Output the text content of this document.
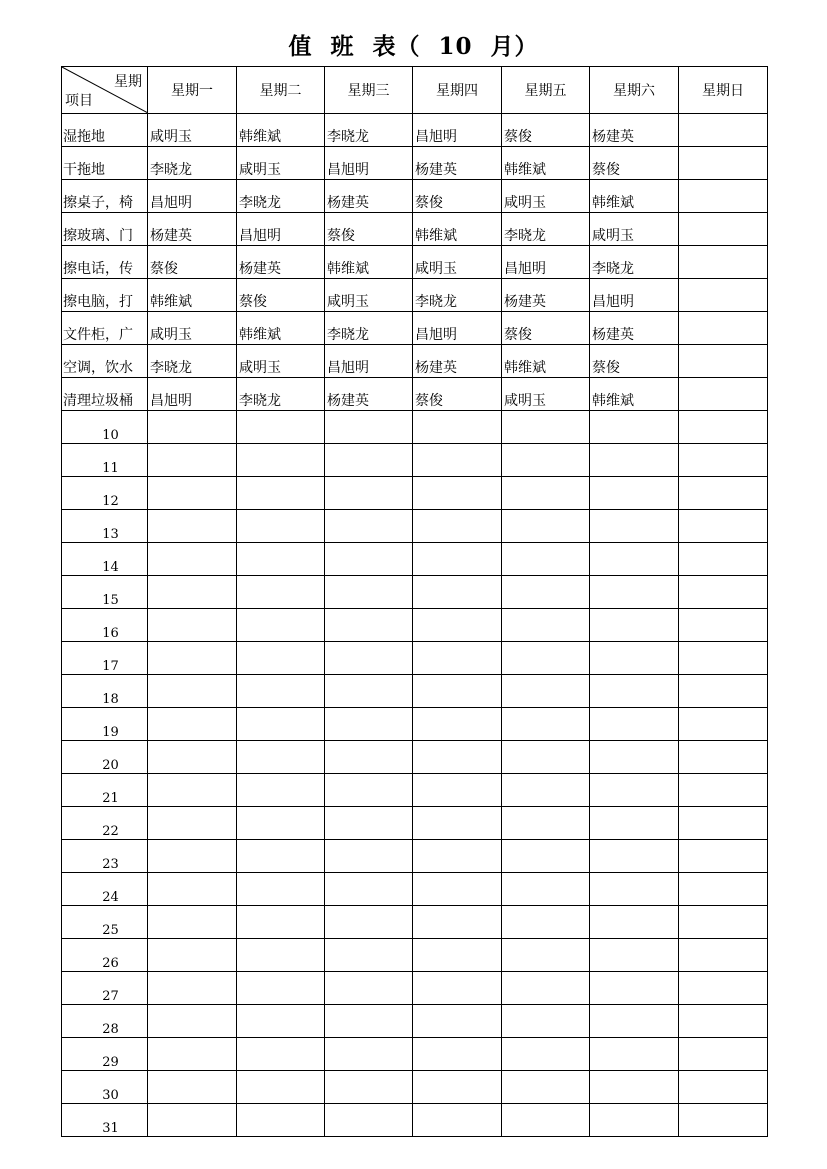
值  班  表（  10  月）
星期
项目	星期一	星期二	星期三	星期四	星期五	星期六	星期日
湿拖地	咸明玉	韩维斌	李晓龙	昌旭明	蔡俊	杨建英	
干拖地	李晓龙	咸明玉	昌旭明	杨建英	韩维斌	蔡俊	
擦桌子，椅	昌旭明	李晓龙	杨建英	蔡俊	咸明玉	韩维斌	
擦玻璃、门	杨建英	昌旭明	蔡俊	韩维斌	李晓龙	咸明玉	
擦电话，传	蔡俊	杨建英	韩维斌	咸明玉	昌旭明	李晓龙	
擦电脑，打	韩维斌	蔡俊	咸明玉	李晓龙	杨建英	昌旭明	
文件柜，广	咸明玉	韩维斌	李晓龙	昌旭明	蔡俊	杨建英	
空调，饮水	李晓龙	咸明玉	昌旭明	杨建英	韩维斌	蔡俊	
清理垃圾桶	昌旭明	李晓龙	杨建英	蔡俊	咸明玉	韩维斌	
10							
11							
12							
13							
14							
15							
16							
17							
18							
19							
20							
21							
22							
23							
24							
25							
26							
27							
28							
29							
30							
31							
